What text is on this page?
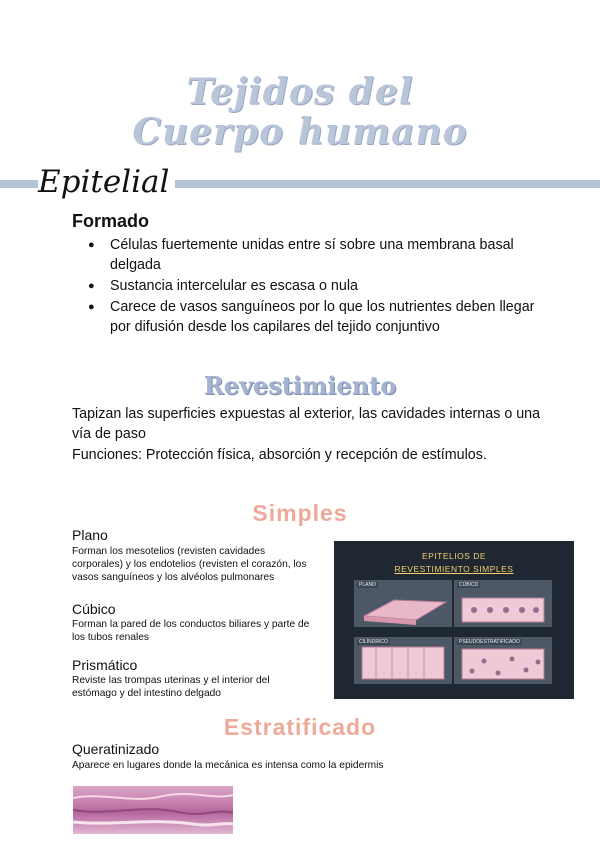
Tejidos del
Cuerpo humano
Epitelial
Formado
● Células fuertemente unidas entre sí sobre una membrana basal delgada
● Sustancia intercelular es escasa o nula
● Carece de vasos sanguíneos por lo que los nutrientes deben llegar por difusión desde los capilares del tejido conjuntivo
Revestimiento
Tapizan las superficies expuestas al exterior, las cavidades internas o una vía de paso
Funciones: Protección física, absorción y recepción de estímulos.
Simples
Plano
Forman los mesotelios (revisten cavidades corporales) y los endotelios (revisten el corazón, los vasos sanguíneos y los alvéolos pulmonares
Cúbico
Forman la pared de los conductos biliares y parte de los tubos renales
Prismático
Reviste las trompas uterinas y el interior del estómago y del intestino delgado
EPITELIOS DE
REVESTIMIENTO SIMPLES
PLANO	CÚBICO
CILÍNDRICO	PSEUDOESTRATIFICADO
Estratificado
Queratinizado
Aparece en lugares donde la mecánica es intensa como la epidermis
